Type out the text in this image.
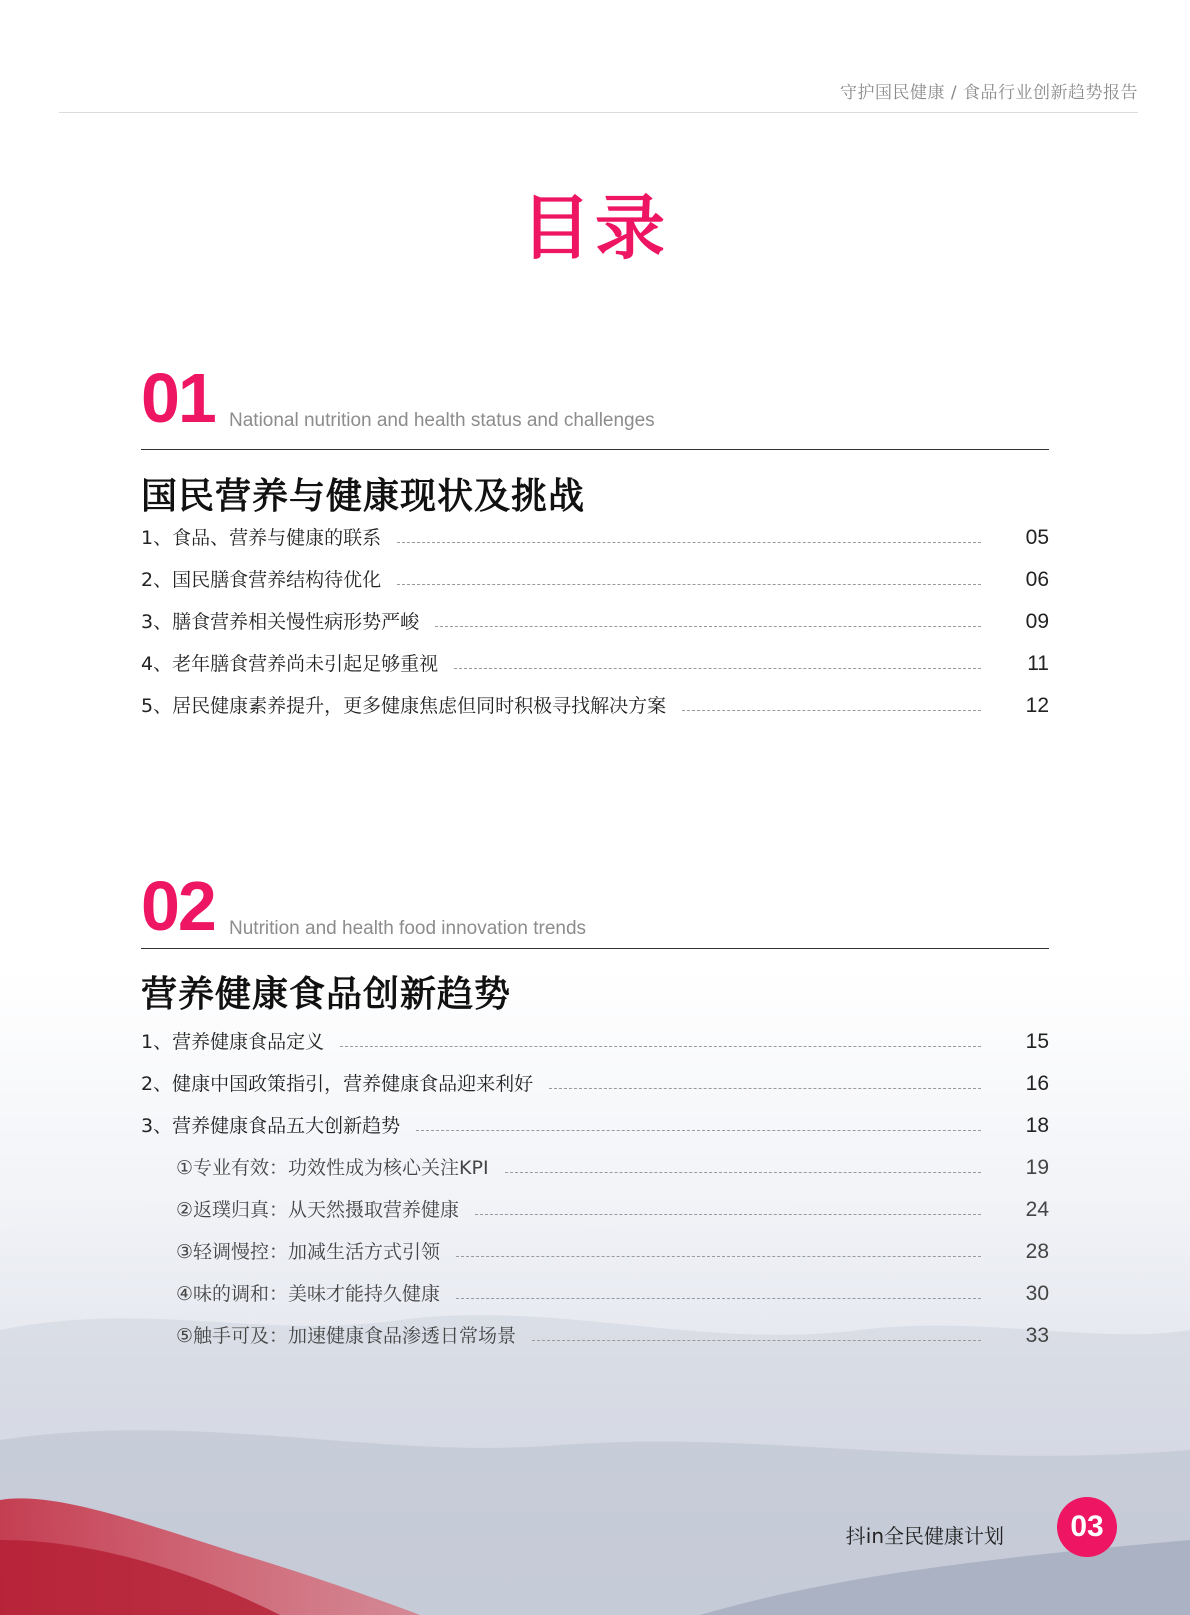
守护国民健康 / 食品行业创新趋势报告
目录
01 National nutrition and health status and challenges
国民营养与健康现状及挑战
1、食品、营养与健康的联系	05
2、国民膳食营养结构待优化	06
3、膳食营养相关慢性病形势严峻	09
4、老年膳食营养尚未引起足够重视	11
5、居民健康素养提升，更多健康焦虑但同时积极寻找解决方案	12
02 Nutrition and health food innovation trends
营养健康食品创新趋势
1、营养健康食品定义	15
2、健康中国政策指引，营养健康食品迎来利好	16
3、营养健康食品五大创新趋势	18
①专业有效：功效性成为核心关注KPI	19
②返璞归真：从天然摄取营养健康	24
③轻调慢控：加减生活方式引领	28
④味的调和：美味才能持久健康	30
⑤触手可及：加速健康食品渗透日常场景	33
抖in全民健康计划	03
